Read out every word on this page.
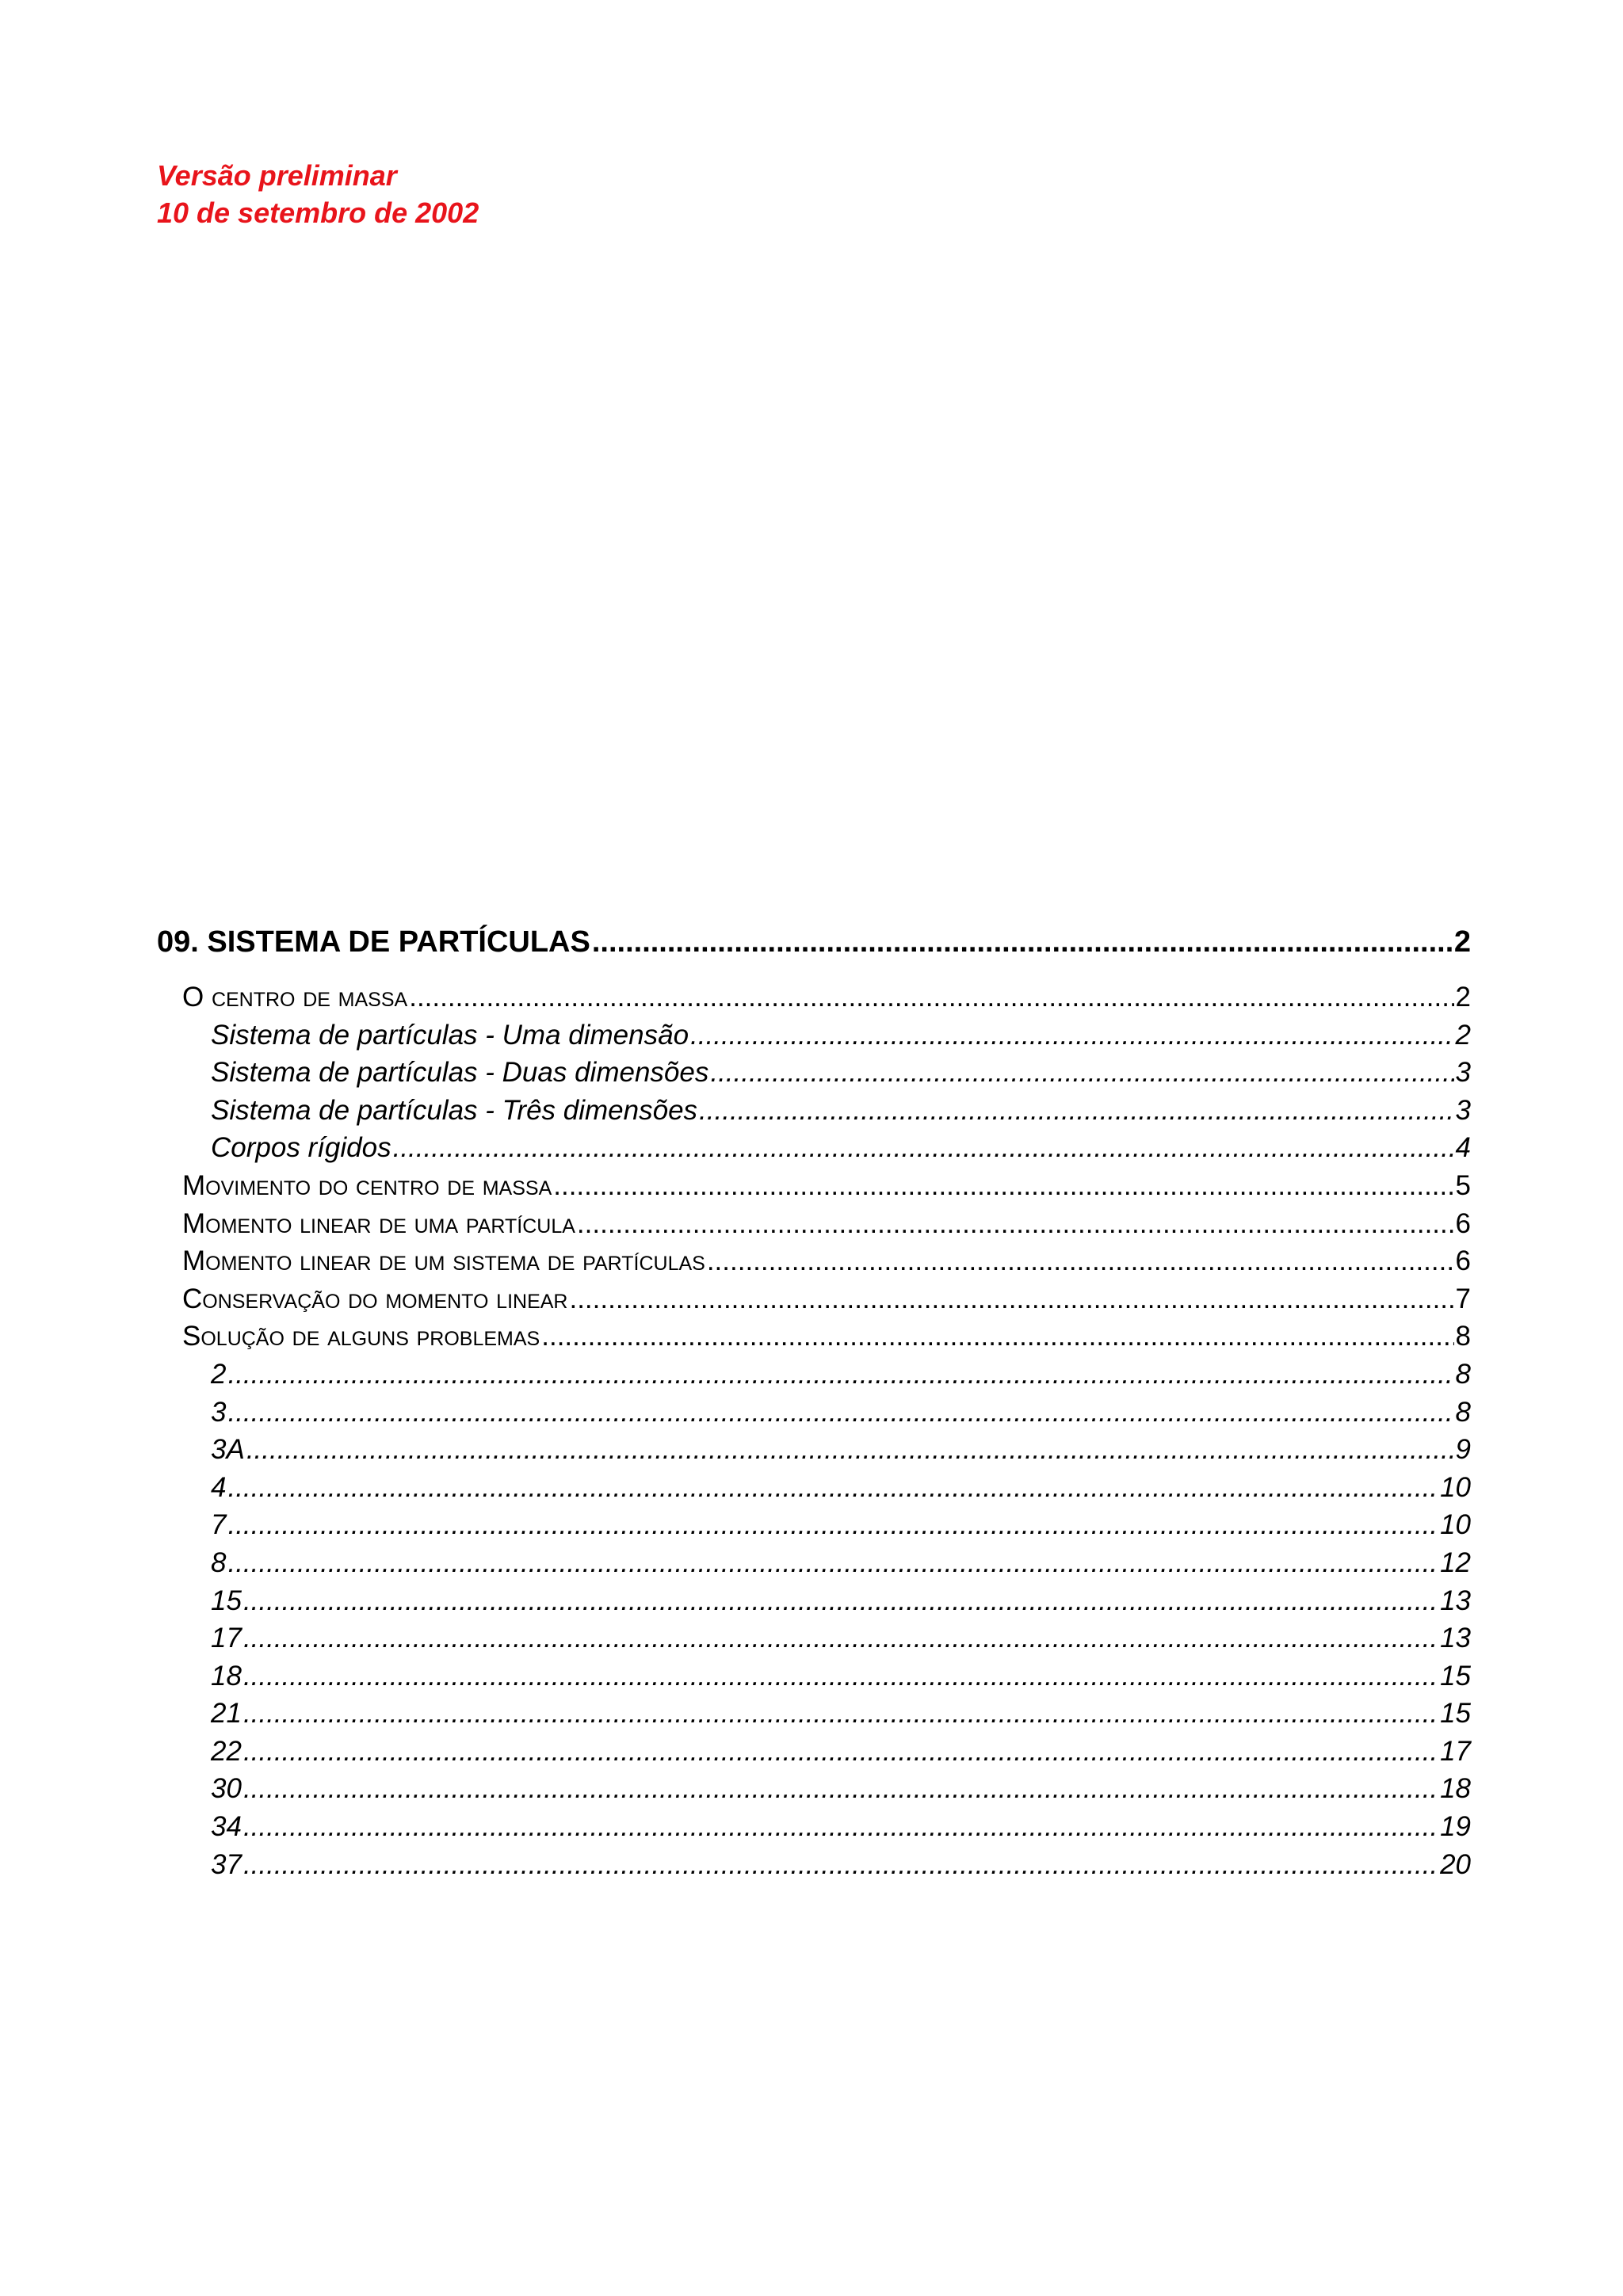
Versão preliminar
10 de setembro de 2002
09. SISTEMA DE PARTÍCULAS .....	2
O centro de massa .....	2
Sistema de partículas - Uma dimensão .....	2
Sistema de partículas - Duas dimensões .....	3
Sistema de partículas - Três dimensões .....	3
Corpos rígidos .....	4
Movimento do centro de massa .....	5
Momento linear de uma partícula .....	6
Momento linear de um sistema de partículas .....	6
Conservação do momento linear .....	7
Solução de alguns problemas .....	8
2 .....	8
3 .....	8
3A .....	9
4 .....	10
7 .....	10
8 .....	12
15 .....	13
17 .....	13
18 .....	15
21 .....	15
22 .....	17
30 .....	18
34 .....	19
37 .....	20
